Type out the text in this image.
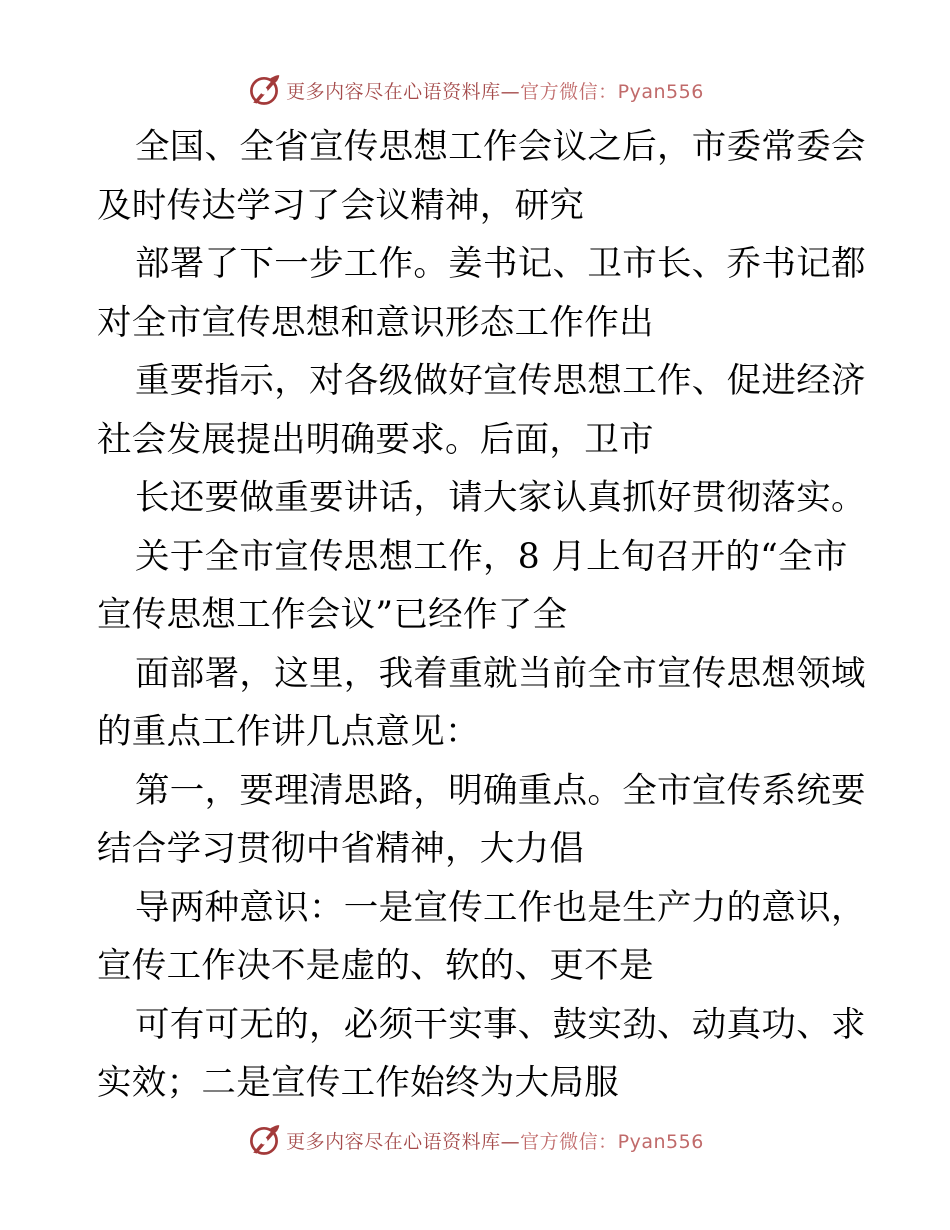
更多内容尽在心语资料库—官方微信：Pyan556
全国、全省宣传思想工作会议之后，市委常委会
及时传达学习了会议精神，研究
部署了下一步工作。姜书记、卫市长、乔书记都
对全市宣传思想和意识形态工作作出
重要指示，对各级做好宣传思想工作、促进经济
社会发展提出明确要求。后面，卫市
长还要做重要讲话，请大家认真抓好贯彻落实。
关于全市宣传思想工作，8 月上旬召开的“全市
宣传思想工作会议”已经作了全
面部署，这里，我着重就当前全市宣传思想领域
的重点工作讲几点意见：
第一，要理清思路，明确重点。全市宣传系统要
结合学习贯彻中省精神，大力倡
导两种意识：一是宣传工作也是生产力的意识，
宣传工作决不是虚的、软的、更不是
可有可无的，必须干实事、鼓实劲、动真功、求
实效；二是宣传工作始终为大局服
更多内容尽在心语资料库—官方微信：Pyan556
